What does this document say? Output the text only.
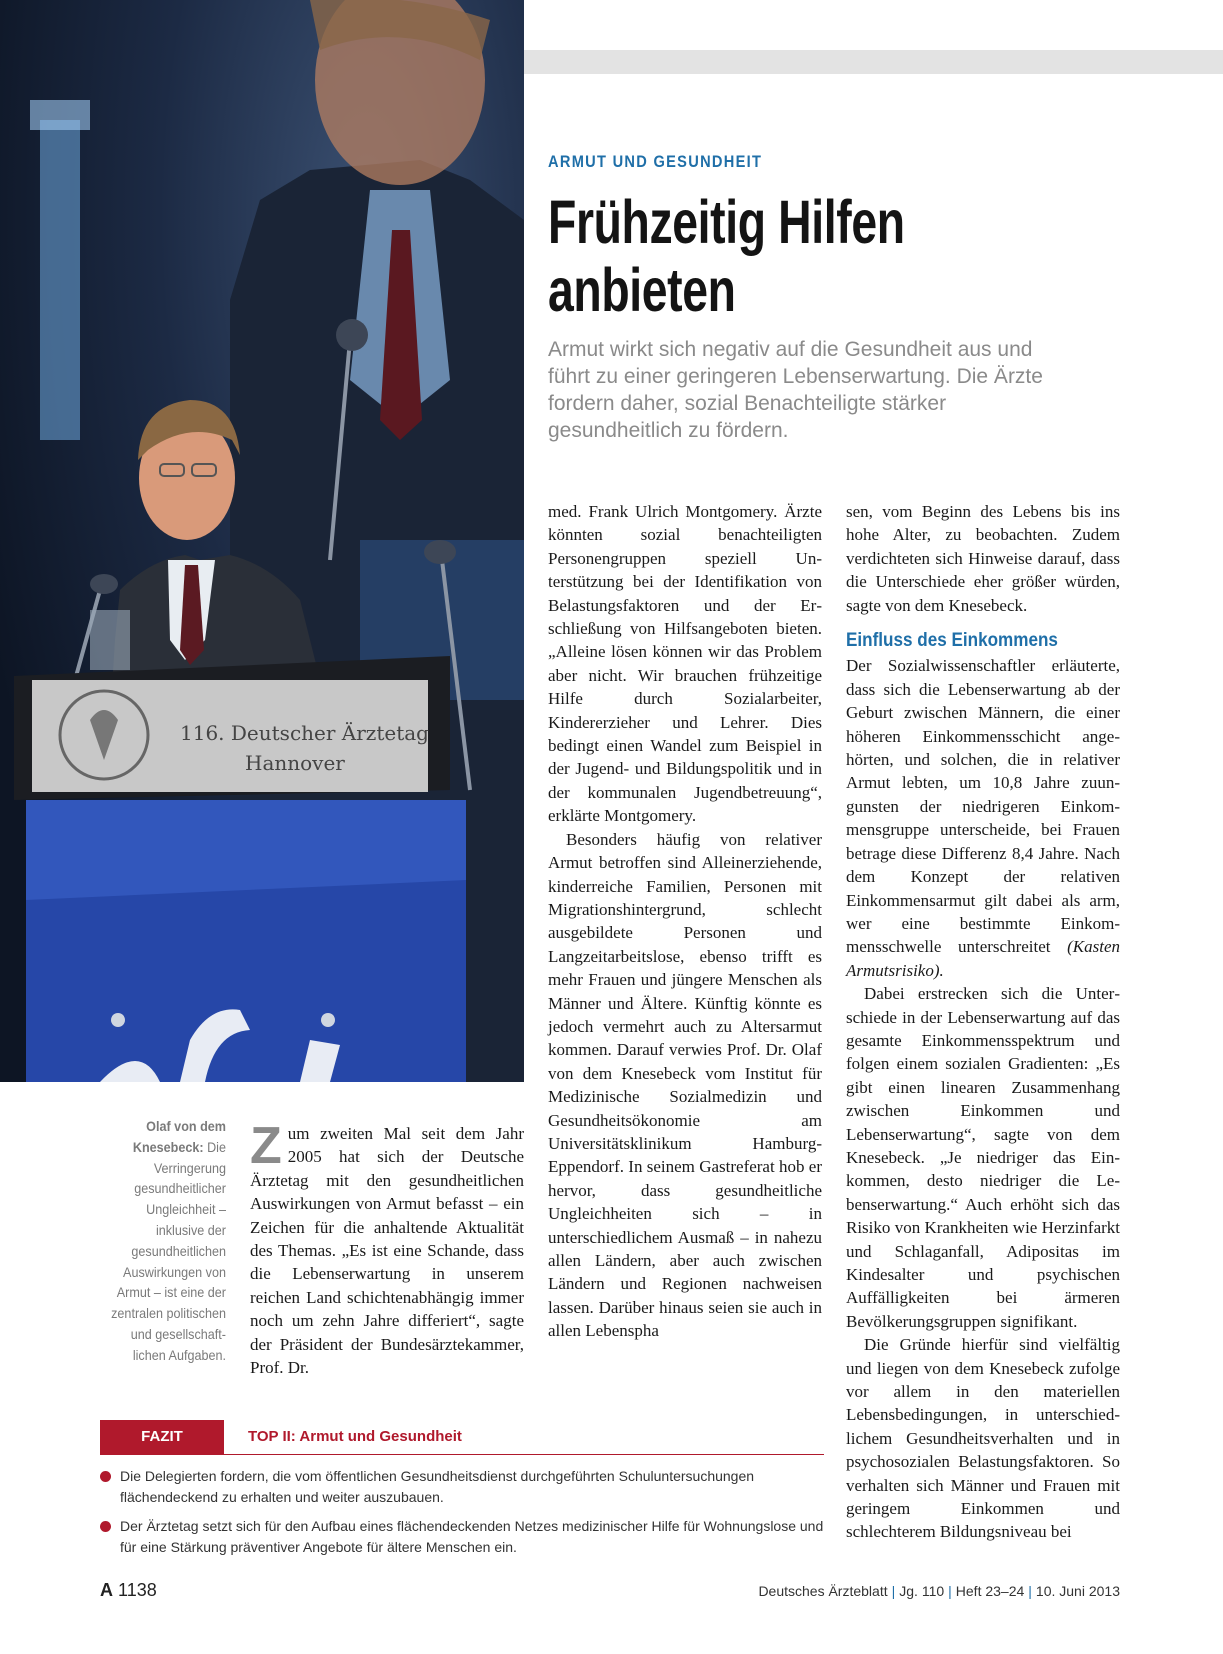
116. Deutscher Ärztetag
Hannover
ARMUT UND GESUNDHEIT
Frühzeitig Hilfen
anbieten
Armut wirkt sich negativ auf die Gesundheit aus und führt zu einer geringeren Lebenserwartung. Die Ärzte fordern daher, sozial Benachteiligte stärker gesundheitlich zu fördern.
Olaf von dem Knesebeck: Die Verringerung gesundheitlicher Ungleichheit – inklusive der gesundheitlichen Auswirkungen von Armut – ist eine der zentralen politischen und gesellschaftlichen Aufgaben.
Z um zweiten Mal seit dem Jahr 2005 hat sich der Deutsche Ärztetag mit den gesundheitlichen Auswirkungen von Armut befasst – ein Zeichen für die anhaltende Aktualität des Themas. „Es ist eine Schande, dass die Lebenserwartung in unserem reichen Land schichtenabhängig immer noch um zehn Jahre differiert“, sagte der Präsident der Bundesärztekammer, Prof. Dr.

med. Frank Ulrich Montgomery. Ärzte könnten sozial benachteiligten Personengruppen speziell Unterstützung bei der Identifikation von Belastungsfaktoren und der Erschließung von Hilfsangeboten bieten. „Alleine lösen können wir das Problem aber nicht. Wir brauchen frühzeitige Hilfe durch Sozialarbeiter, Kindererzieher und Lehrer. Dies bedingt einen Wandel zum Beispiel in der Jugend- und Bildungspolitik und in der kommunalen Jugendbetreuung“, erklärte Montgomery.

Besonders häufig von relativer Armut betroffen sind Alleinerziehende, kinderreiche Familien, Personen mit Migrationshintergrund, schlecht ausgebildete Personen und Langzeitarbeitslose, ebenso trifft es mehr Frauen und jüngere Menschen als Männer und Ältere. Künftig könnte es jedoch vermehrt auch zu Altersarmut kommen. Darauf verwies Prof. Dr. Olaf von dem Knesebeck vom Institut für Medizinische Sozialmedizin und Gesundheitsökonomie am Universitätsklinikum Hamburg-Eppendorf. In seinem Gastreferat hob er hervor, dass gesundheitliche Ungleichheiten sich – in unterschiedlichem Ausmaß – in nahezu allen Ländern, aber auch zwischen Ländern und Regionen nachweisen lassen. Darüber hinaus seien sie auch in allen Lebenspha

sen, vom Beginn des Lebens bis ins hohe Alter, zu beobachten. Zudem verdichteten sich Hinweise darauf, dass die Unterschiede eher größer würden, sagte von dem Knesebeck.

Einfluss des Einkommens

Der Sozialwissenschaftler erläuterte, dass sich die Lebenserwartung ab der Geburt zwischen Männern, die einer höheren Einkommensschicht angehörten, und solchen, die in relativer Armut lebten, um 10,8 Jahre zuungunsten der niedrigeren Einkommensgruppe unterscheide, bei Frauen betrage diese Differenz 8,4 Jahre. Nach dem Konzept der relativen Einkommensarmut gilt dabei als arm, wer eine bestimmte Einkommensschwelle unterschreitet (Kasten Armutsrisiko).

Dabei erstrecken sich die Unterschiede in der Lebenserwartung auf das gesamte Einkommensspektrum und folgen einem sozialen Gradienten: „Es gibt einen linearen Zusammenhang zwischen Einkommen und Lebenserwartung“, sagte von dem Knesebeck. „Je niedriger das Einkommen, desto niedriger die Lebenserwartung.“ Auch erhöht sich das Risiko von Krankheiten wie Herzinfarkt und Schlaganfall, Adipositas im Kindesalter und psychischen Auffälligkeiten bei ärmeren Bevölkerungsgruppen signifikant.

Die Gründe hierfür sind vielfältig und liegen von dem Knesebeck zufolge vor allem in den materiellen Lebensbedingungen, in unterschiedlichem Gesundheitsverhalten und in psychosozialen Belastungsfaktoren. So verhalten sich Männer und Frauen mit geringem Einkommen und schlechterem Bildungsniveau bei

FAZIT	TOP II: Armut und Gesundheit
Die Delegierten fordern, die vom öffentlichen Gesundheitsdienst durchgeführten Schuluntersuchungen flächendeckend zu erhalten und weiter auszubauen.
Der Ärztetag setzt sich für den Aufbau eines flächendeckenden Netzes medizinischer Hilfe für Wohnungslose und für eine Stärkung präventiver Angebote für ältere Menschen ein.
A 1138	Deutsches Ärzteblatt | Jg. 110 | Heft 23–24 | 10. Juni 2013
